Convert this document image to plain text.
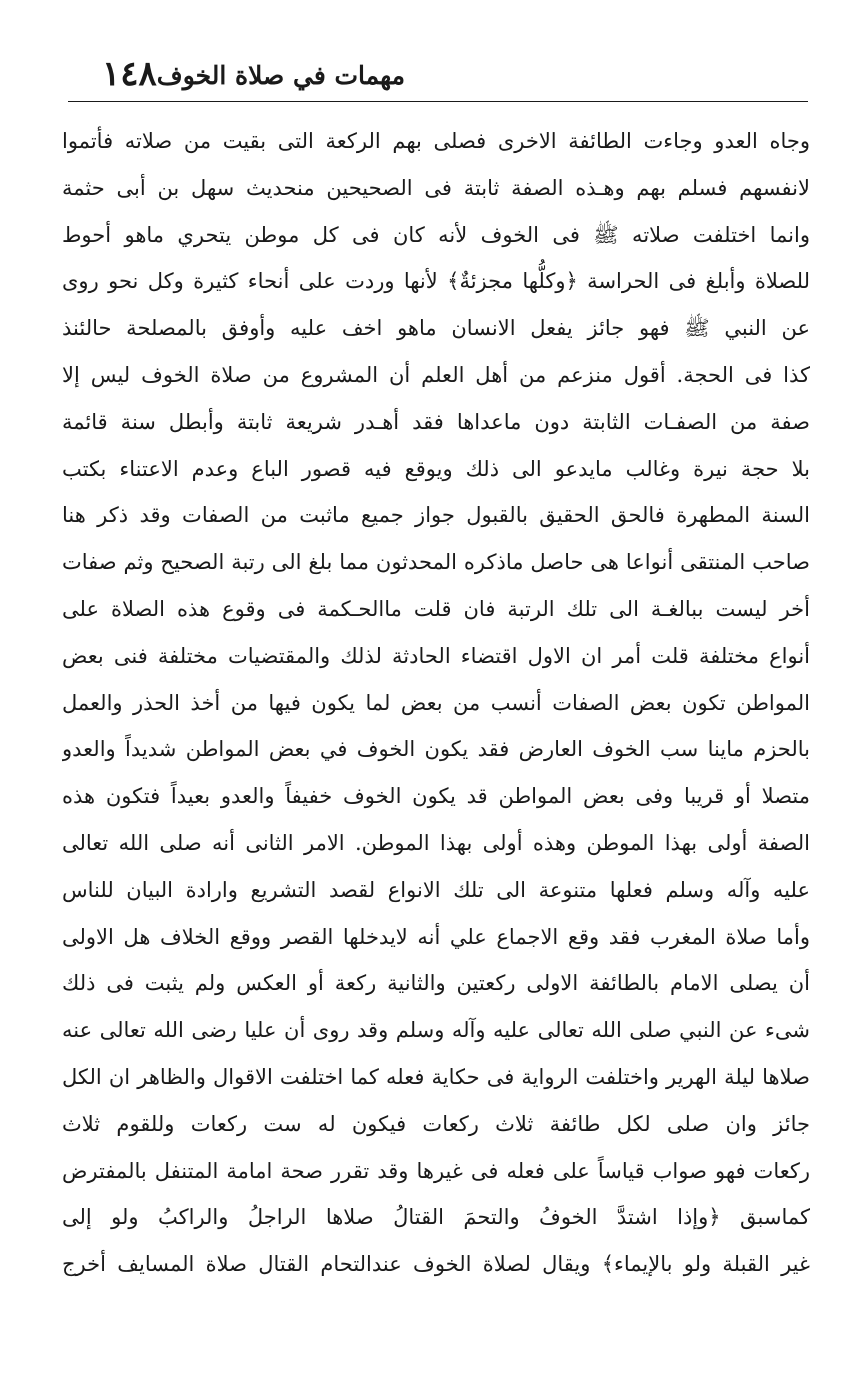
١٤٨ مهمات في صلاة الخوف
وجاه العدو وجاءت الطائفة الاخرى فصلى بهم الركعة التى بقيت من صلاته فأتموا
لانفسهم فسلم بهم وهـذه الصفة ثابتة فى الصحيحين منحديث سهل بن أبى حثمة
وانما اختلفت صلاته ﷺ فى الخوف لأنه كان فى كل موطن يتحري ماهو أحوط
للصلاة وأبلغ فى الحراسة ﴿وكلُّها مجزئةٌ﴾ لأنها وردت على أنحاء كثيرة وكل نحو روى
عن النبي ﷺ فهو جائز يفعل الانسان ماهو اخف عليه وأوفق بالمصلحة حالئنذ
كذا فى الحجة. أقول منزعم من أهل العلم أن المشروع من صلاة الخوف ليس إلا
صفة من الصفـات الثابتة دون ماعداها فقد أهـدر شريعة ثابتة وأبطل سنة قائمة
بلا حجة نيرة وغالب مايدعو الى ذلك ويوقع فيه قصور الباع وعدم الاعتناء بكتب
السنة المطهرة فالحق الحقيق بالقبول جواز جميع ماثبت من الصفات وقد ذكر هنا
صاحب المنتقى أنواعا هى حاصل ماذكره المحدثون مما بلغ الى رتبة الصحيح وثم صفات
أخر ليست ببالغـة الى تلك الرتبة فان قلت ماالحـكمة فى وقوع هذه الصلاة على
أنواع مختلفة قلت أمر ان الاول اقتضاء الحادثة لذلك والمقتضيات مختلفة فنى بعض
المواطن تكون بعض الصفات أنسب من بعض لما يكون فيها من أخذ الحذر والعمل
بالحزم ماينا سب الخوف العارض فقد يكون الخوف في بعض المواطن شديداً والعدو
متصلا أو قريبا وفى بعض المواطن قد يكون الخوف خفيفاً والعدو بعيداً فتكون هذه
الصفة أولى بهذا الموطن وهذه أولى بهذا الموطن. الامر الثانى أنه صلى الله تعالى
عليه وآله وسلم فعلها متنوعة الى تلك الانواع لقصد التشريع وارادة البيان للناس
وأما صلاة المغرب فقد وقع الاجماع علي أنه لايدخلها القصر ووقع الخلاف هل الاولى
أن يصلى الامام بالطائفة الاولى ركعتين والثانية ركعة أو العكس ولم يثبت فى ذلك
شىء عن النبي صلى الله تعالى عليه وآله وسلم وقد روى أن عليا رضى الله تعالى عنه
صلاها ليلة الهرير واختلفت الرواية فى حكاية فعله كما اختلفت الاقوال والظاهر ان الكل
جائز وان صلى لكل طائفة ثلاث ركعات فيكون له ست ركعات وللقوم ثلاث
ركعات فهو صواب قياساً على فعله فى غيرها وقد تقرر صحة امامة المتنفل بالمفترض
كماسبق ﴿وإذا اشتدَّ الخوفُ والتحمَ القتالُ صلاها الراجلُ والراكبُ ولو إلى
غير القبلة ولو بالإيماء﴾ ويقال لصلاة الخوف عندالتحام القتال صلاة المسايف أخرج
